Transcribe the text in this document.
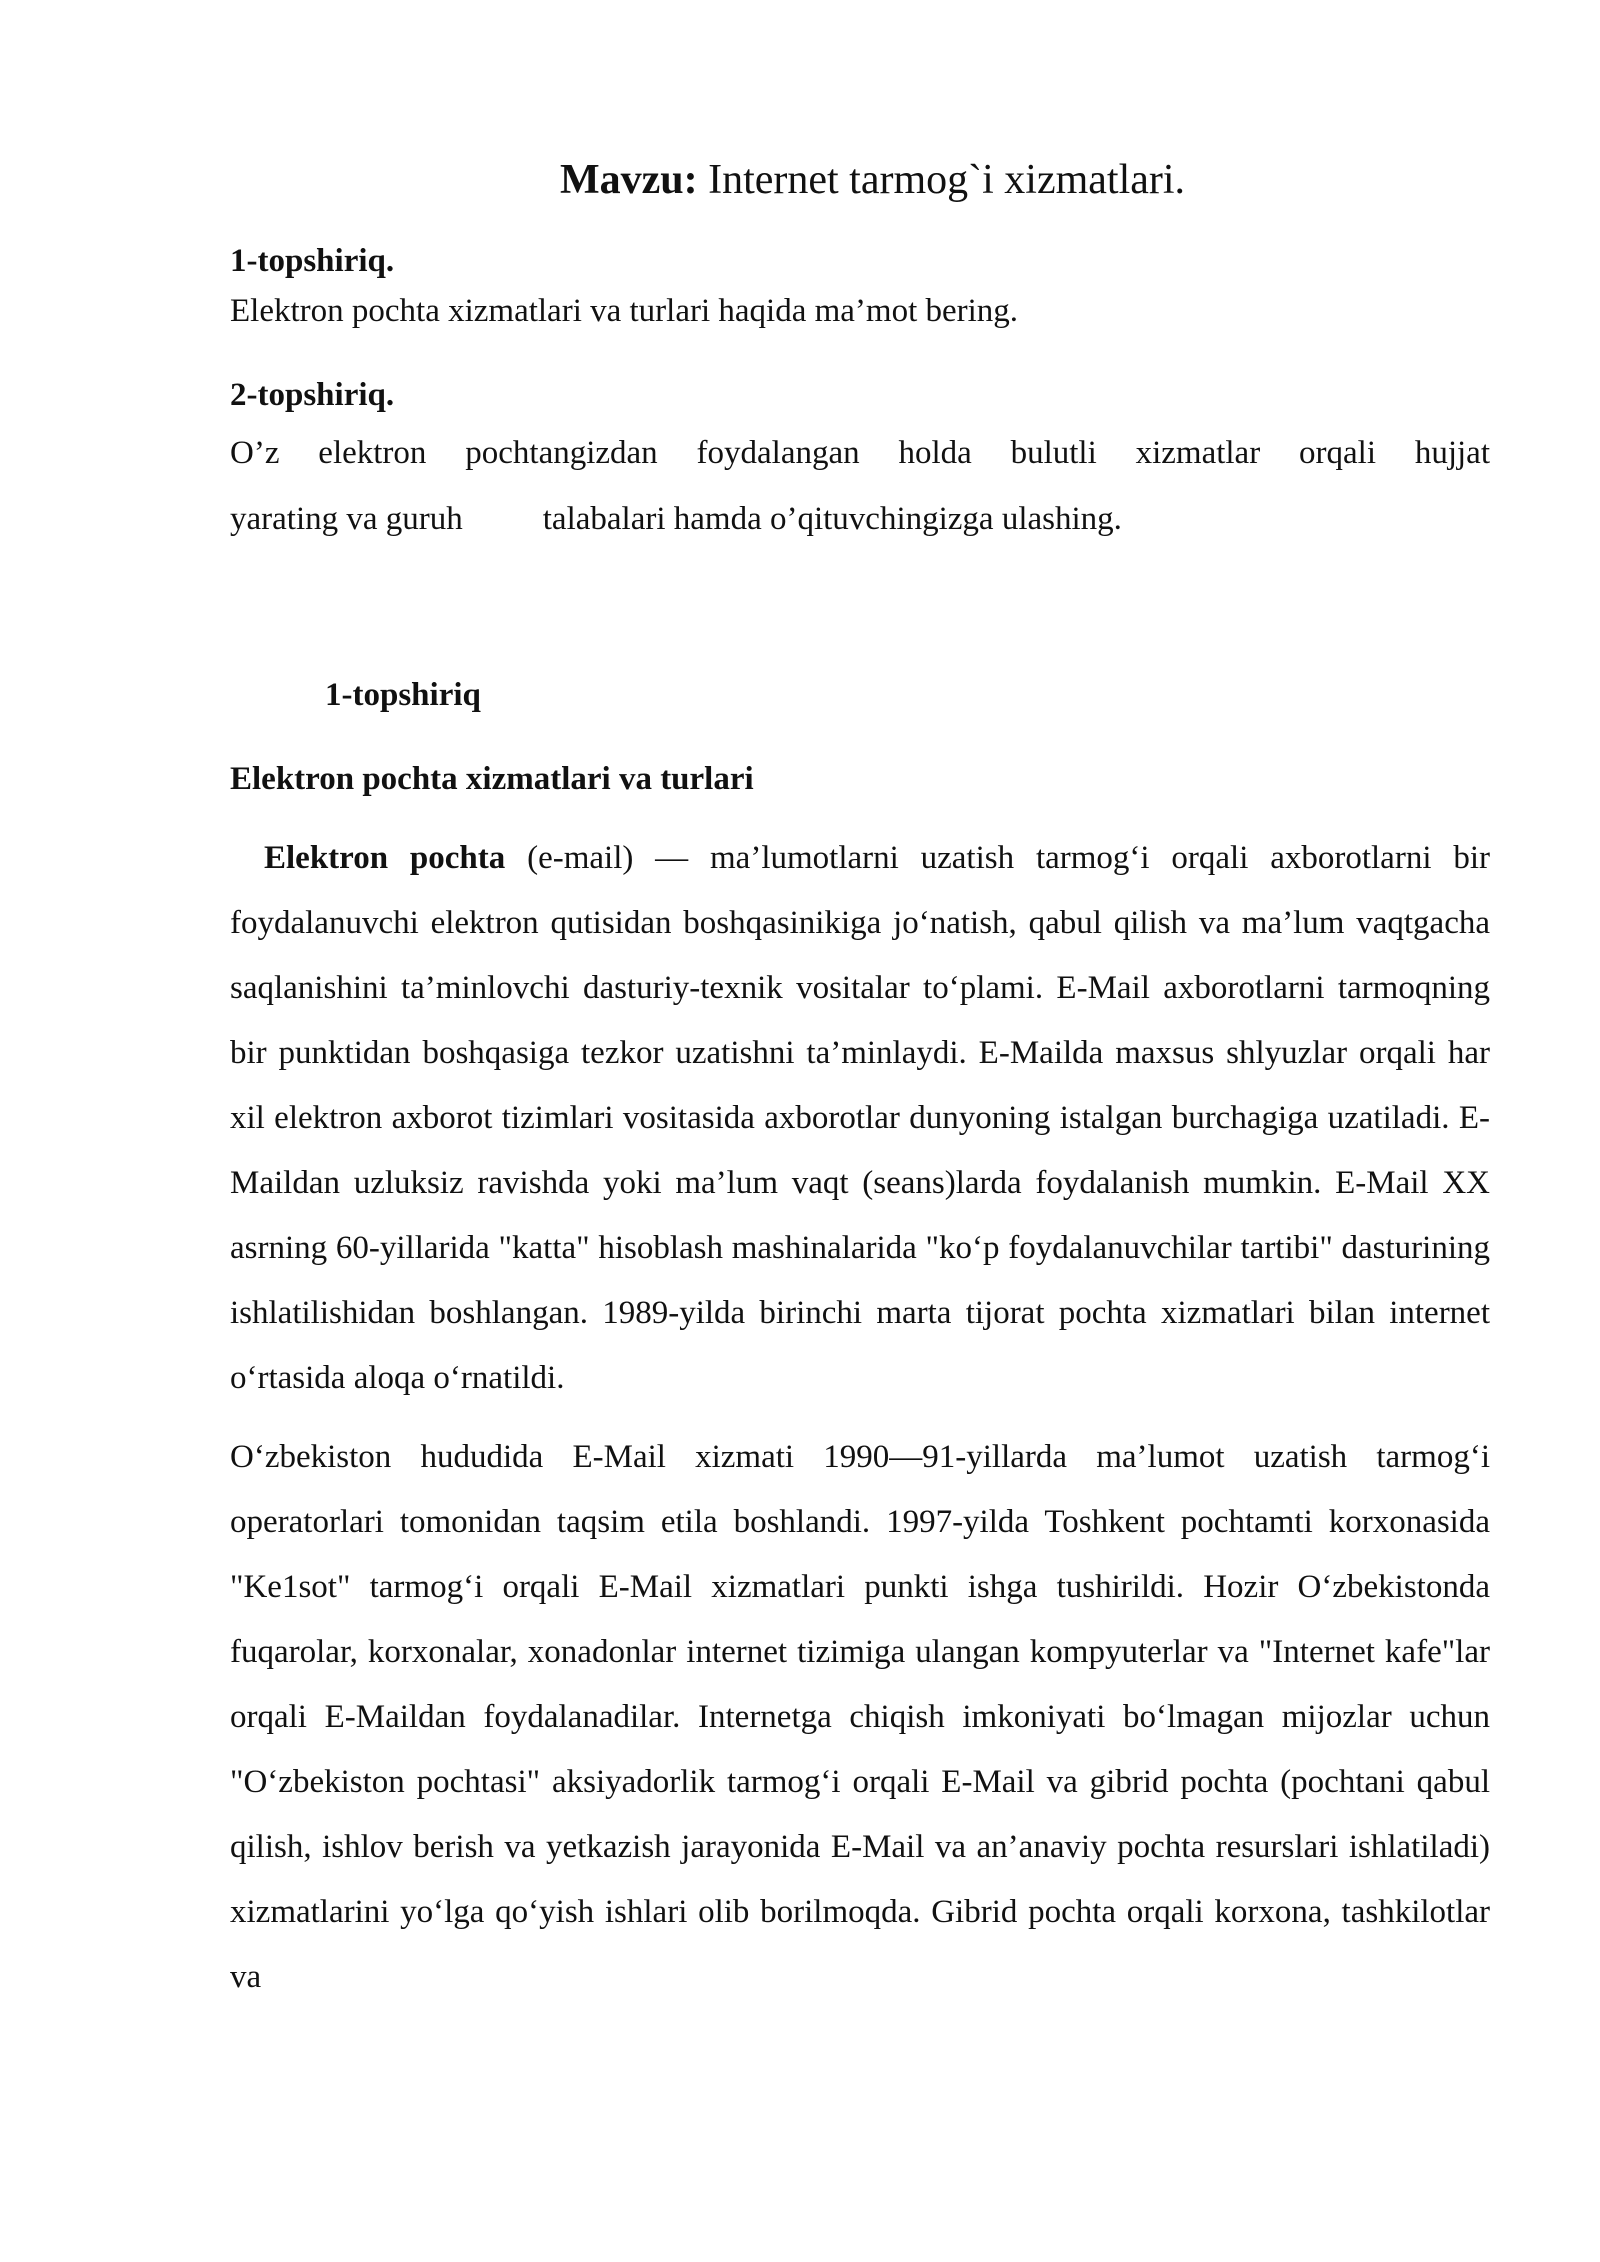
Mavzu: Internet tarmog`i xizmatlari.

1-topshiriq.

Elektron pochta xizmatlari va turlari haqida ma’mot bering.

2-topshiriq.

O’z elektron pochtangizdan foydalangan holda bulutli xizmatlar orqali hujjat

yarating va guruh talabalari hamda o’qituvchingizga ulashing.

1-topshiriq

Elektron pochta xizmatlari va turlari

Elektron pochta (e-mail) — ma’lumotlarni uzatish tarmog‘i orqali axborotlarni bir foydalanuvchi elektron qutisidan boshqasinikiga jo‘natish, qabul qilish va ma’lum vaqtgacha saqlanishini ta’minlovchi dasturiy-texnik vositalar to‘plami. E-Mail axborotlarni tarmoqning bir punktidan boshqasiga tezkor uzatishni ta’minlaydi. E-Mailda maxsus shlyuzlar orqali har xil elektron axborot tizimlari vositasida axborotlar dunyoning istalgan burchagiga uzatiladi. E-Maildan uzluksiz ravishda yoki ma’lum vaqt (seans)larda foydalanish mumkin. E-Mail XX asrning 60-yillarida "katta" hisoblash mashinalarida "ko‘p foydalanuvchilar tartibi" dasturining ishlatilishidan boshlangan. 1989-yilda birinchi marta tijorat pochta xizmatlari bilan internet o‘rtasida aloqa o‘rnatildi.

O‘zbekiston hududida E-Mail xizmati 1990—91-yillarda ma’lumot uzatish tarmog‘i operatorlari tomonidan taqsim etila boshlandi. 1997-yilda Toshkent pochtamti korxonasida "Ke1sot" tarmog‘i orqali E-Mail xizmatlari punkti ishga tushirildi. Hozir O‘zbekistonda fuqarolar, korxonalar, xonadonlar internet tizimiga ulangan kompyuterlar va "Internet kafe"lar orqali E-Maildan foydalanadilar. Internetga chiqish imkoniyati bo‘lmagan mijozlar uchun "O‘zbekiston pochtasi" aksiyadorlik tarmog‘i orqali E-Mail va gibrid pochta (pochtani qabul qilish, ishlov berish va yetkazish jarayonida E-Mail va an’anaviy pochta resurslari ishlatiladi) xizmatlarini yo‘lga qo‘yish ishlari olib borilmoqda. Gibrid pochta orqali korxona, tashkilotlar va
